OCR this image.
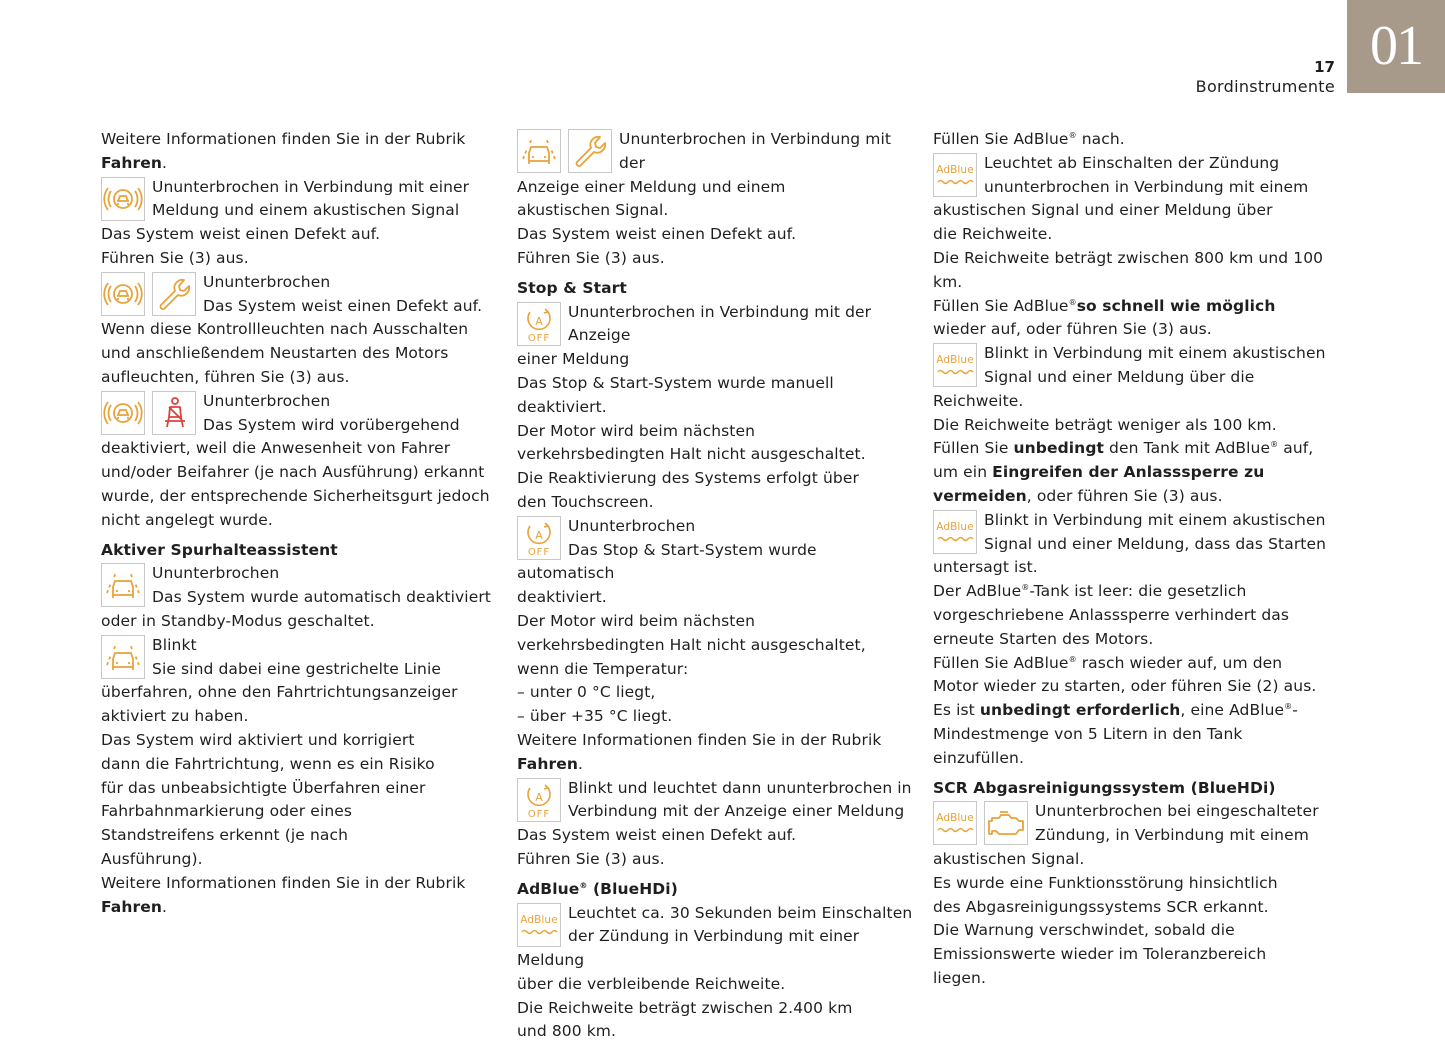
01
17
Bordinstrumente

Weitere Informationen finden Sie in der Rubrik
Fahren.

Ununterbrochen in Verbindung mit einer

Meldung und einem akustischen Signal

Das System weist einen Defekt auf.

Führen Sie (3) aus.

Ununterbrochen

Das System weist einen Defekt auf.

Wenn diese Kontrollleuchten nach Ausschalten und anschließendem Neustarten des Motors aufleuchten, führen Sie (3) aus.

Ununterbrochen

Das System wird vorübergehend

deaktiviert, weil die Anwesenheit von Fahrer und/oder Beifahrer (je nach Ausführung) erkannt wurde, der entsprechende Sicherheitsgurt jedoch nicht angelegt wurde.

Aktiver Spurhalteassistent

Ununterbrochen

Das System wurde automatisch deaktiviert

oder in Standby-Modus geschaltet.

Blinkt

Sie sind dabei eine gestrichelte Linie

überfahren, ohne den Fahrtrichtungsanzeiger aktiviert zu haben.

Das System wird aktiviert und korrigiert dann die Fahrtrichtung, wenn es ein Risiko für das unbeabsichtigte Überfahren einer Fahrbahnmarkierung oder eines Standstreifens erkennt (je nach Ausführung).

Weitere Informationen finden Sie in der Rubrik
Fahren.

Ununterbrochen in Verbindung mit der

Anzeige einer Meldung und einem

akustischen Signal.

Das System weist einen Defekt auf.

Führen Sie (3) aus.

Stop & Start

A
OFF

Ununterbrochen in Verbindung mit der Anzeige

einer Meldung

Das Stop & Start-System wurde manuell deaktiviert.

Der Motor wird beim nächsten verkehrsbedingten Halt nicht ausgeschaltet.

Die Reaktivierung des Systems erfolgt über den Touchscreen.

A
OFF

Ununterbrochen

Das Stop & Start-System wurde automatisch

deaktiviert.

Der Motor wird beim nächsten verkehrsbedingten Halt nicht ausgeschaltet, wenn die Temperatur:

– unter 0 °C liegt,

– über +35 °C liegt.

Weitere Informationen finden Sie in der Rubrik
Fahren.

A
OFF

Blinkt und leuchtet dann ununterbrochen in

Verbindung mit der Anzeige einer Meldung

Das System weist einen Defekt auf.

Führen Sie (3) aus.

AdBlue® (BlueHDi)

AdBlue Leuchtet ca. 30 Sekunden beim Einschalten

der Zündung in Verbindung mit einer Meldung

über die verbleibende Reichweite.

Die Reichweite beträgt zwischen 2.400 km und 800 km.

Füllen Sie AdBlue® nach.

AdBlue Leuchtet ab Einschalten der Zündung

ununterbrochen in Verbindung mit einem

akustischen Signal und einer Meldung über die Reichweite.

Die Reichweite beträgt zwischen 800 km und 100 km.

Füllen Sie AdBlue®so schnell wie möglich wieder auf, oder führen Sie (3) aus.

AdBlue Blinkt in Verbindung mit einem akustischen

Signal und einer Meldung über die Reichweite.

Die Reichweite beträgt weniger als 100 km.

Füllen Sie unbedingt den Tank mit AdBlue® auf, um ein Eingreifen der Anlasssperre zu vermeiden, oder führen Sie (3) aus.

AdBlue Blinkt in Verbindung mit einem akustischen

Signal und einer Meldung, dass das Starten

untersagt ist.

Der AdBlue®-Tank ist leer: die gesetzlich vorgeschriebene Anlasssperre verhindert das erneute Starten des Motors.

Füllen Sie AdBlue® rasch wieder auf, um den Motor wieder zu starten, oder führen Sie (2) aus.

Es ist unbedingt erforderlich, eine AdBlue®-Mindestmenge von 5 Litern in den Tank einzufüllen.

SCR Abgasreinigungssystem (BlueHDi)

AdBlue	Ununterbrochen bei eingeschalteter

Zündung, in Verbindung mit einem

akustischen Signal.

Es wurde eine Funktionsstörung hinsichtlich des Abgasreinigungssystems SCR erkannt.

Die Warnung verschwindet, sobald die Emissionswerte wieder im Toleranzbereich liegen.
